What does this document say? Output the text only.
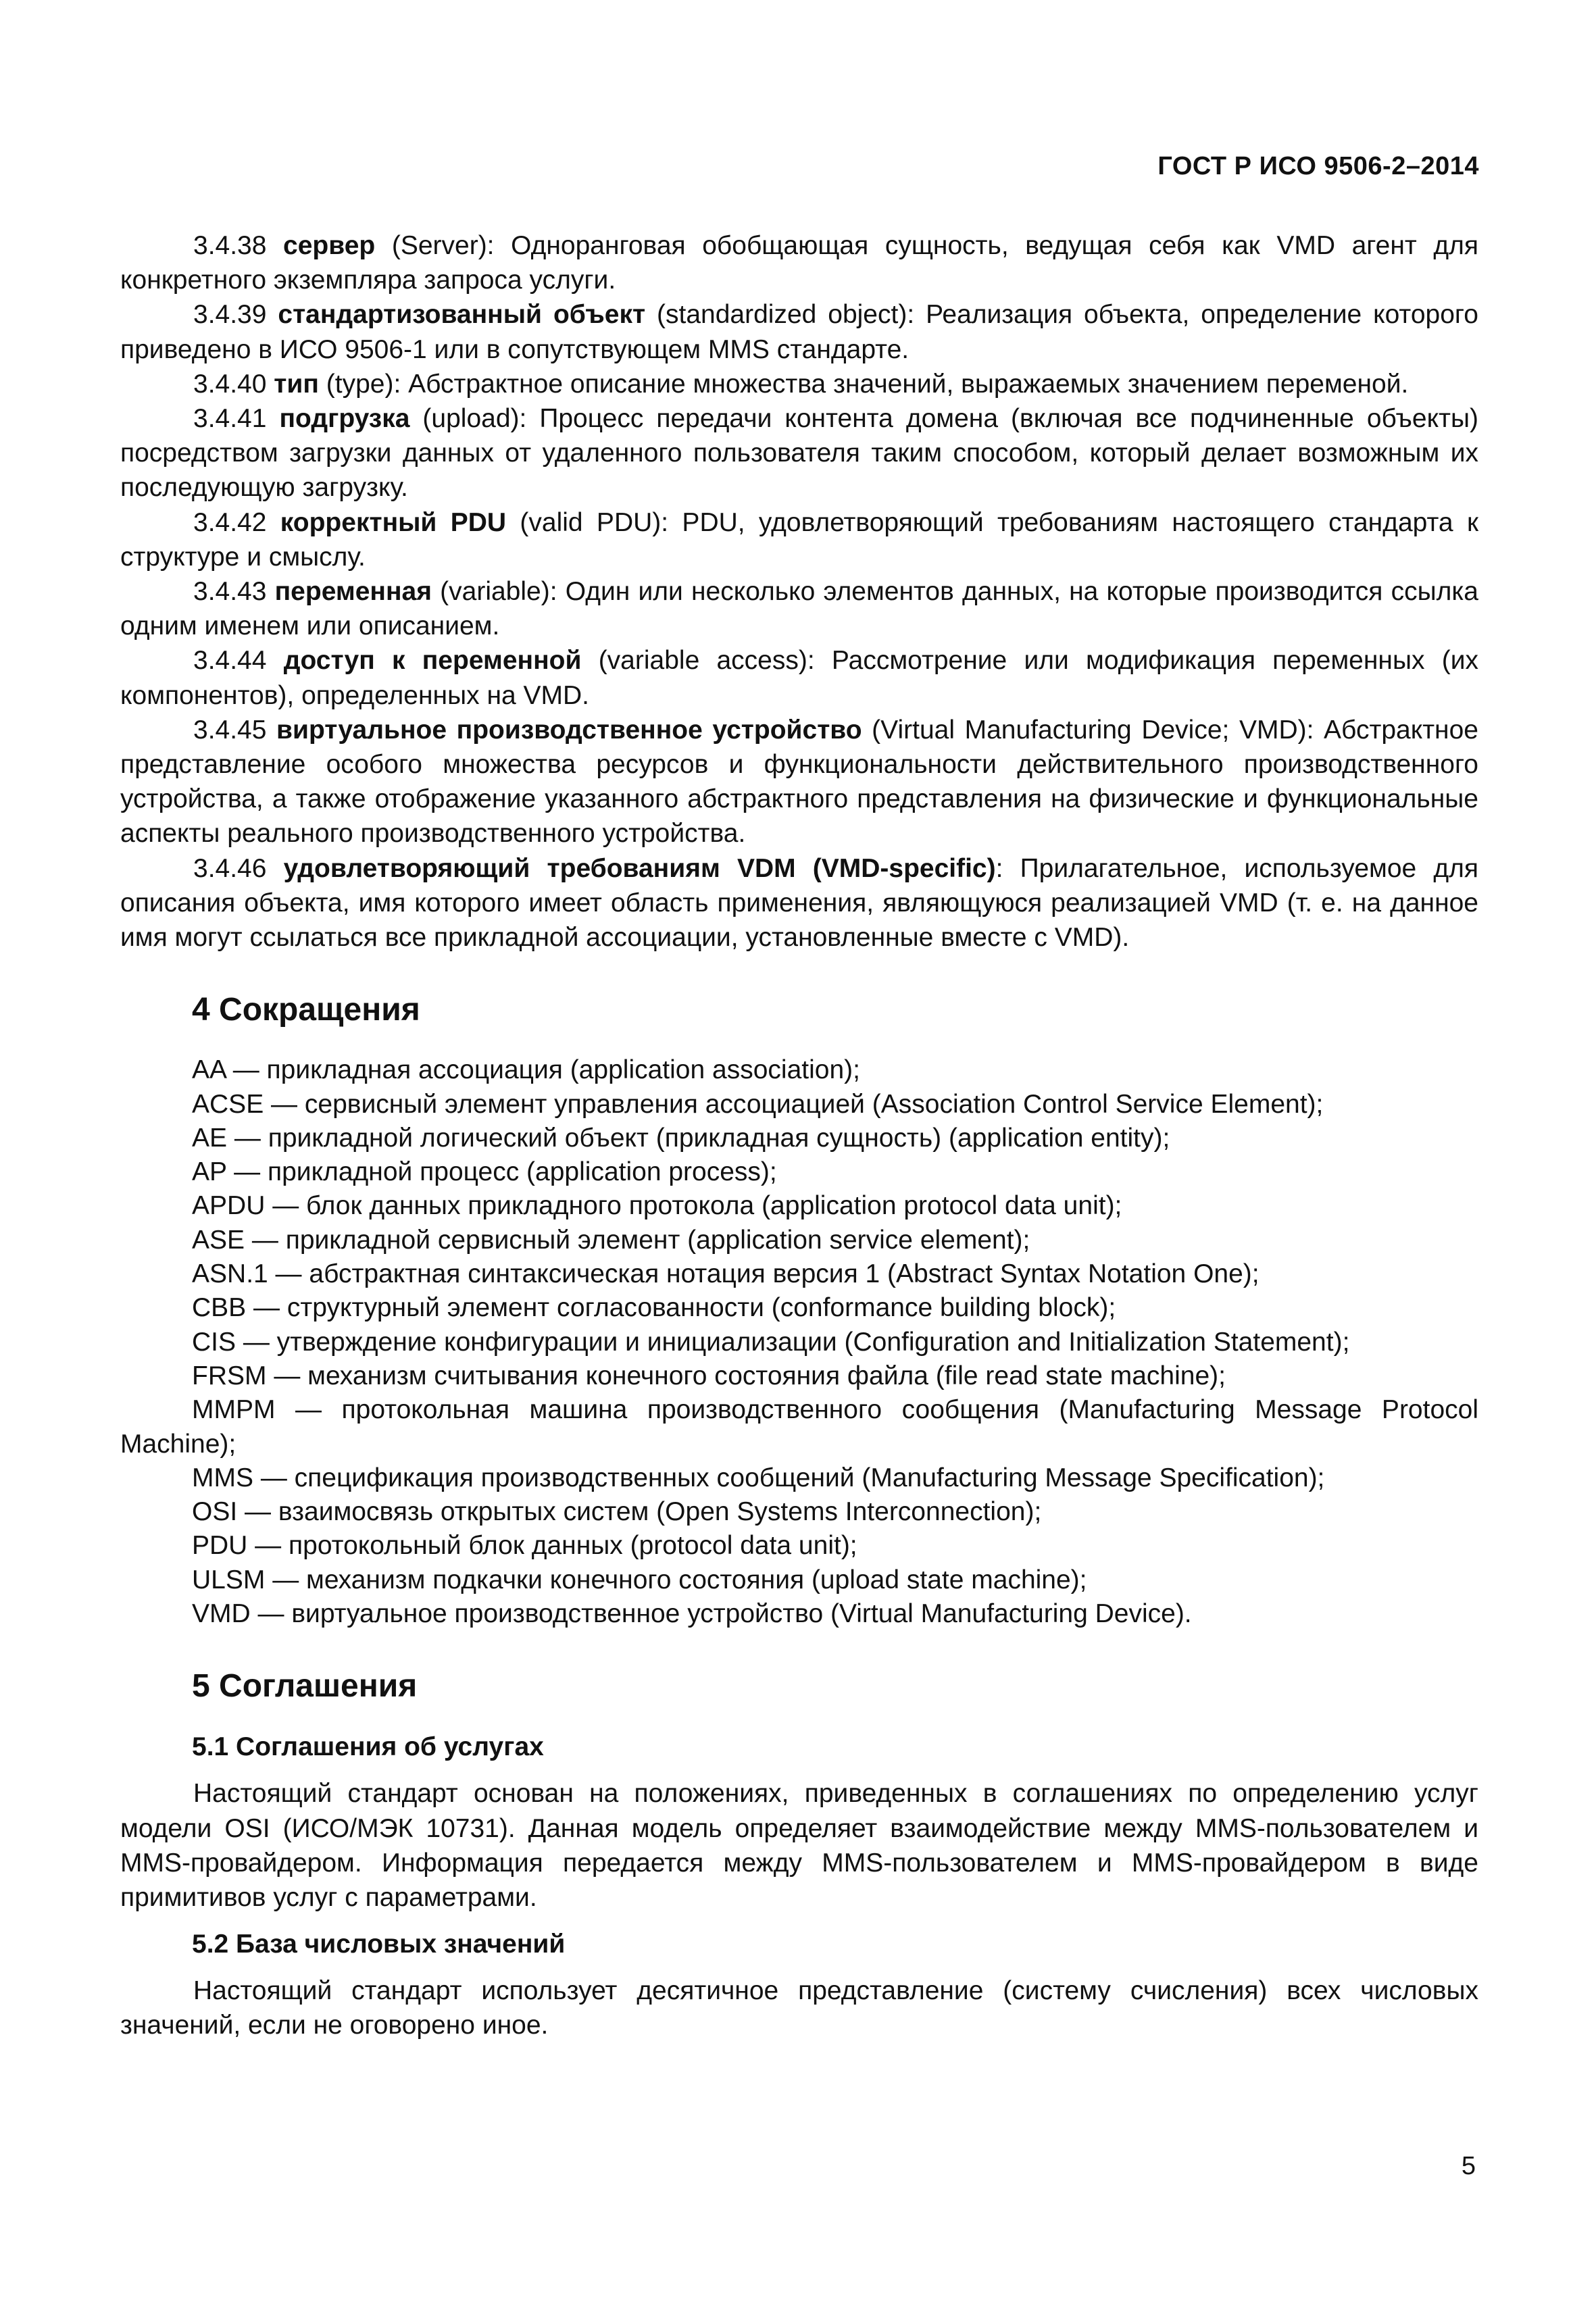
ГОСТ Р ИСО 9506-2–2014

3.4.38 сервер (Server): Одноранговая обобщающая сущность, ведущая себя как VMD агент для конкретного экземпляра запроса услуги.

3.4.39 стандартизованный объект (standardized object): Реализация объекта, определение которого приведено в ИСО 9506-1 или в сопутствующем MMS стандарте.

3.4.40 тип (type): Абстрактное описание множества значений, выражаемых значением переменой.

3.4.41 подгрузка (upload): Процесс передачи контента домена (включая все подчиненные объекты) посредством загрузки данных от удаленного пользователя таким способом, который делает возможным их последующую загрузку.

3.4.42 корректный PDU (valid PDU): PDU, удовлетворяющий требованиям настоящего стандарта к структуре и смыслу.

3.4.43 переменная (variable): Один или несколько элементов данных, на которые производится ссылка одним именем или описанием.

3.4.44 доступ к переменной (variable access): Рассмотрение или модификация переменных (их компонентов), определенных на VMD.

3.4.45 виртуальное производственное устройство (Virtual Manufacturing Device; VMD): Абстрактное представление особого множества ресурсов и функциональности действительного производственного устройства, а также отображение указанного абстрактного представления на физические и функциональные аспекты реального производственного устройства.

3.4.46 удовлетворяющий требованиям VDM (VMD-specific): Прилагательное, используемое для описания объекта, имя которого имеет область применения, являющуюся реализацией VMD (т. е. на данное имя могут ссылаться все прикладной ассоциации, установленные вместе с VMD).

4 Сокращения
AA — прикладная ассоциация (application association);
ACSE — сервисный элемент управления ассоциацией (Association Control Service Element);
AE — прикладной логический объект (прикладная сущность) (application entity);
AP — прикладной процесс (application process);
APDU — блок данных прикладного протокола (application protocol data unit);
ASE — прикладной сервисный элемент (application service element);
ASN.1 — абстрактная синтаксическая нотация версия 1 (Abstract Syntax Notation One);
CBB — структурный элемент согласованности (conformance building block);
CIS — утверждение конфигурации и инициализации (Configuration and Initialization Statement);
FRSM — механизм считывания конечного состояния файла (file read state machine);
MMPM — протокольная машина производственного сообщения (Manufacturing Message Protocol Machine);
MMS — спецификация производственных сообщений (Manufacturing Message Specification);
OSI — взаимосвязь открытых систем (Open Systems Interconnection);
PDU — протокольный блок данных (protocol data unit);
ULSM — механизм подкачки конечного состояния (upload state machine);
VMD — виртуальное производственное устройство (Virtual Manufacturing Device).
5 Соглашения
5.1 Соглашения об услугах

Настоящий стандарт основан на положениях, приведенных в соглашениях по определению услуг модели OSI (ИСО/МЭК 10731). Данная модель определяет взаимодействие между MMS-пользователем и MMS-провайдером. Информация передается между MMS-пользователем и MMS-провайдером в виде примитивов услуг с параметрами.

5.2 База числовых значений

Настоящий стандарт использует десятичное представление (систему счисления) всех числовых значений, если не оговорено иное.

5
